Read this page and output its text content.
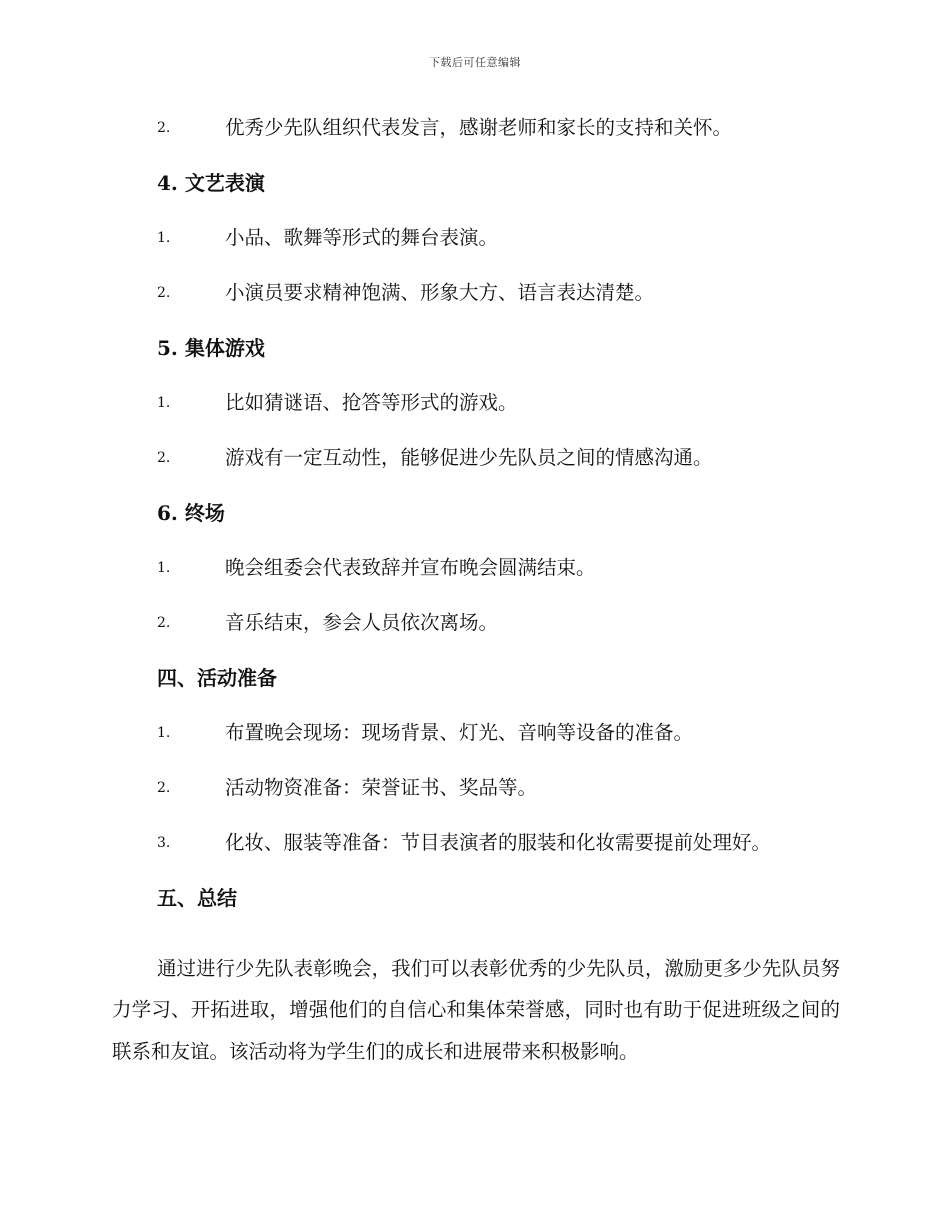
下载后可任意编辑
2.	优秀少先队组织代表发言，感谢老师和家长的支持和关怀。
4. 文艺表演
1.	小品、歌舞等形式的舞台表演。
2.	小演员要求精神饱满、形象大方、语言表达清楚。
5. 集体游戏
1.	比如猜谜语、抢答等形式的游戏。
2.	游戏有一定互动性，能够促进少先队员之间的情感沟通。
6. 终场
1.	晚会组委会代表致辞并宣布晚会圆满结束。
2.	音乐结束，参会人员依次离场。
四、活动准备
1.	布置晚会现场：现场背景、灯光、音响等设备的准备。
2.	活动物资准备：荣誉证书、奖品等。
3.	化妆、服装等准备：节目表演者的服装和化妆需要提前处理好。
五、总结

通过进行少先队表彰晚会，我们可以表彰优秀的少先队员，激励更多少先队员努力学习、开拓进取，增强他们的自信心和集体荣誉感，同时也有助于促进班级之间的联系和友谊。该活动将为学生们的成长和进展带来积极影响。
